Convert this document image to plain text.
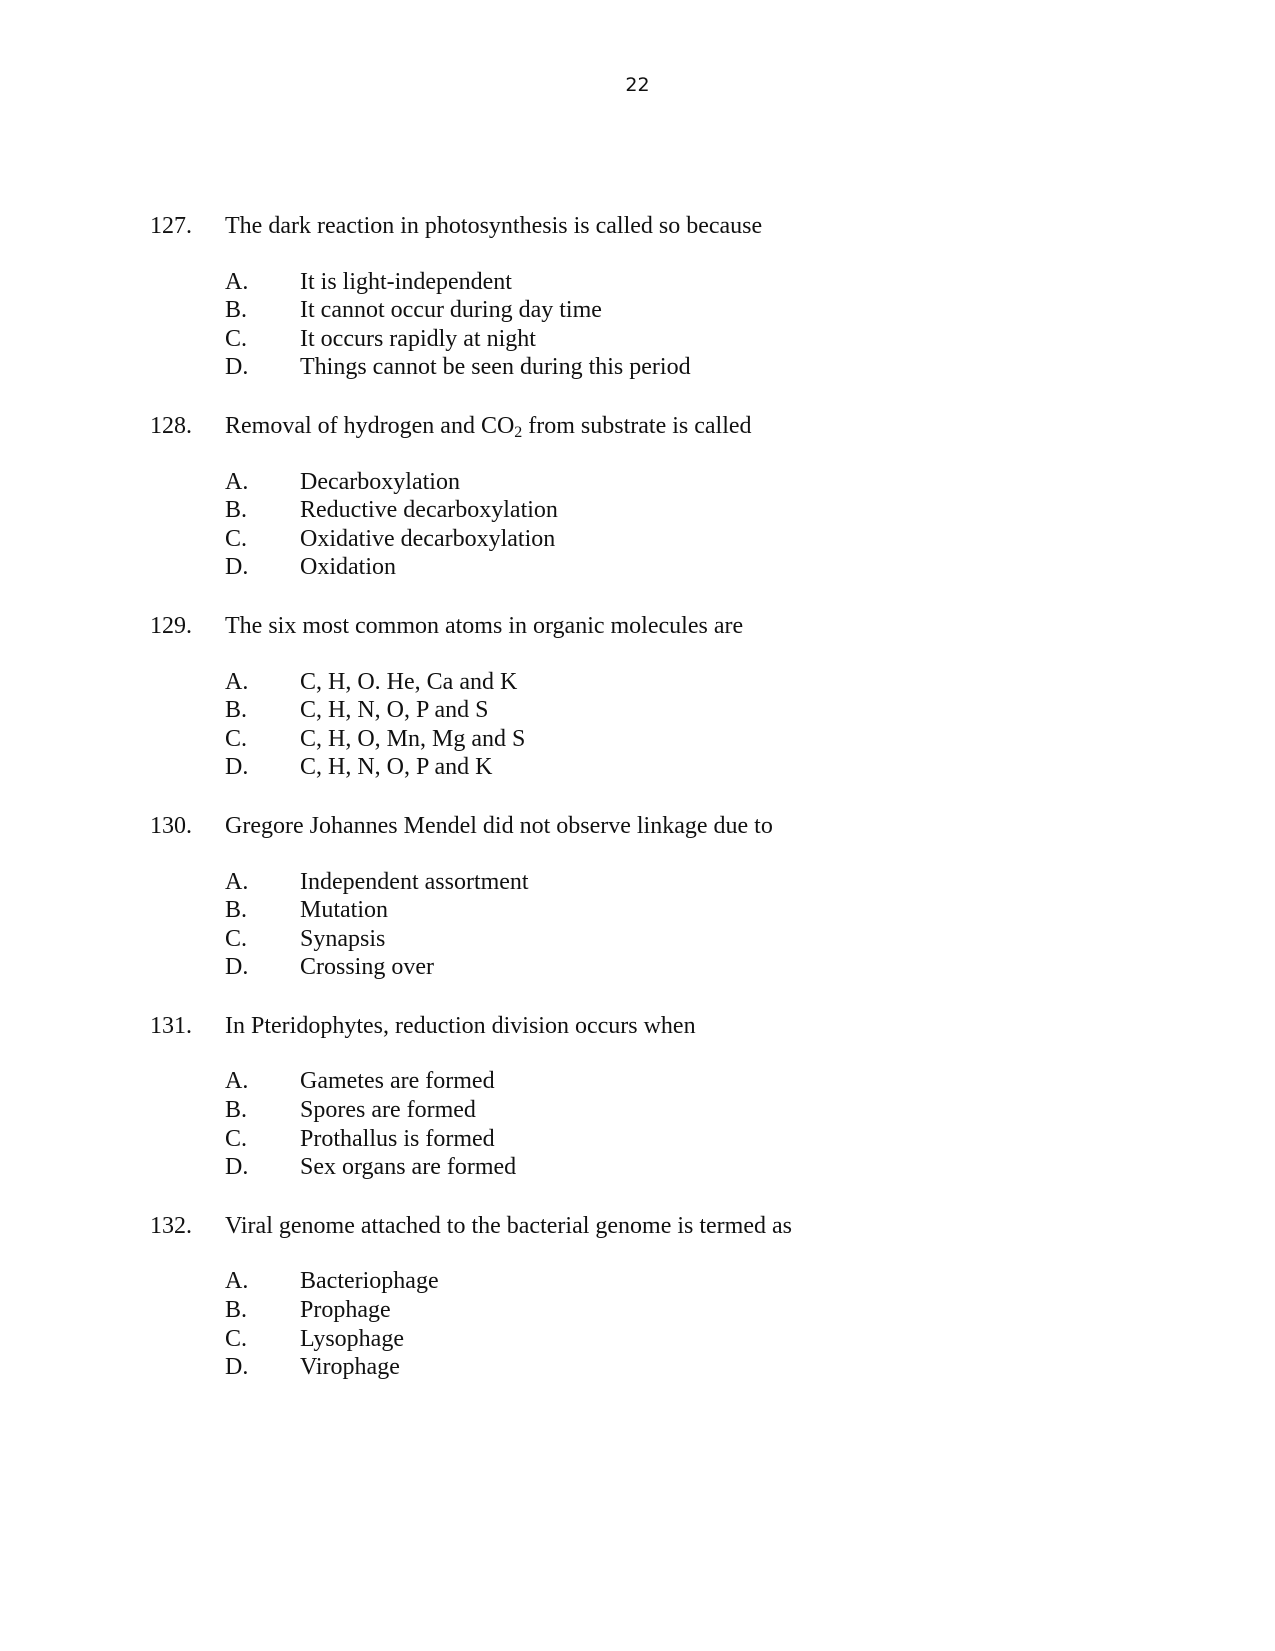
22
127.	The dark reaction in photosynthesis is called so because
A.	It is light-independent
B.	It cannot occur during day time
C.	It occurs rapidly at night
D.	Things cannot be seen during this period
128.	Removal of hydrogen and $CO_2$ from substrate is called
A.	Decarboxylation
B.	Reductive decarboxylation
C.	Oxidative decarboxylation
D.	Oxidation
129.	The six most common atoms in organic molecules are
A.	C, H, O. He, Ca and K
B.	C, H, N, O, P and S
C.	C, H, O, Mn, Mg and S
D.	C, H, N, O, P and K
130.	Gregore Johannes Mendel did not observe linkage due to
A.	Independent assortment
B.	Mutation
C.	Synapsis
D.	Crossing over
131.	In Pteridophytes, reduction division occurs when
A.	Gametes are formed
B.	Spores are formed
C.	Prothallus is formed
D.	Sex organs are formed
132.	Viral genome attached to the bacterial genome is termed as
A.	Bacteriophage
B.	Prophage
C.	Lysophage
D.	Virophage
